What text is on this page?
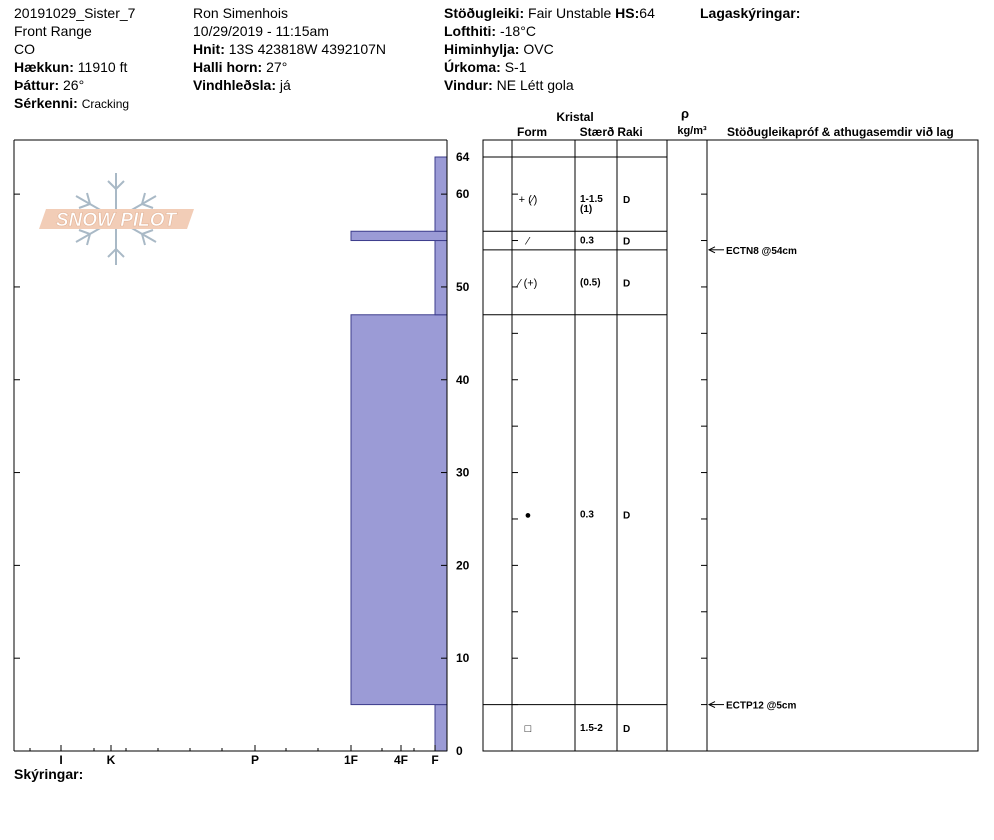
20191029_Sister_7
Front Range
CO
Hækkun: 11910 ft
Þáttur: 26°
Sérkenni: Cracking
Ron Simenhois
10/29/2019 - 11:15am
Hnit: 13S 423818W 4392107N
Halli horn: 27°
Vindhleðsla: já
Stöðugleiki: Fair Unstable HS:64
Lofthiti: -18°C
Himinhylja: OVC
Úrkoma: S-1
Vindur: NE Létt gola
Lagaskýringar:
Skýringar:
SNOW PILOT
I	K	P	1F	4F F
0
10
20
30
40
50
60
64
Kristal
Form	Stærð Raki
ρ
kg/m³ Stöðugleikapróf & athugasemdir við lag
+ (⁄)	1-1.5
(1)
D
⁄	0.3	D
⁄ (+)	(0.5) D
●	0.3	D
□	1.5-2 D
ECTN8 @54cm
ECTP12 @5cm
